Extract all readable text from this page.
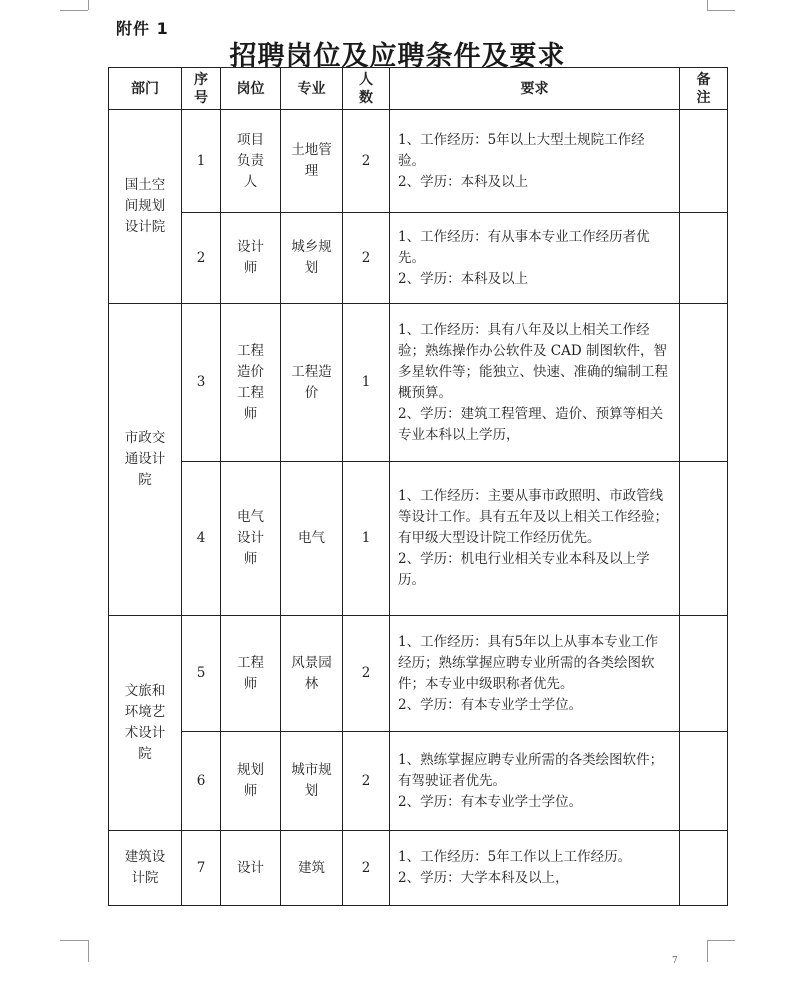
附件 1
招聘岗位及应聘条件及要求
部门	序号	岗位	专业	人数	要求	备注
国土空间规划设计院	1	项目负责人	土地管理	2	1、工作经历：5年以上大型土规院工作经验。
2、学历：本科及以上	

	2	设计师	城乡规划	2	1、工作经历：有从事本专业工作经历者优先。
2、学历：本科及以上	

市政交通设计院	3	工程造价工程师	工程造价	1	1、工作经历：具有八年及以上相关工作经验；熟练操作办公软件及 CAD 制图软件，智多星软件等；能独立、快速、准确的编制工程概预算。
2、学历：建筑工程管理、造价、预算等相关专业本科以上学历，	

	4	电气设计师	电气	1	1、工作经历：主要从事市政照明、市政管线等设计工作。具有五年及以上相关工作经验；有甲级大型设计院工作经历优先。
2、学历：机电行业相关专业本科及以上学历。	

文旅和环境艺术设计院	5	工程师	风景园林	2	1、工作经历：具有5年以上从事本专业工作经历；熟练掌握应聘专业所需的各类绘图软件；本专业中级职称者优先。
2、学历：有本专业学士学位。	

	6	规划师	城市规划	2	1、熟练掌握应聘专业所需的各类绘图软件；有驾驶证者优先。
2、学历：有本专业学士学位。	

建筑设计院	7	设计	建筑	2	1、工作经历：5年工作以上工作经历。
2、学历：大学本科及以上，	

7
